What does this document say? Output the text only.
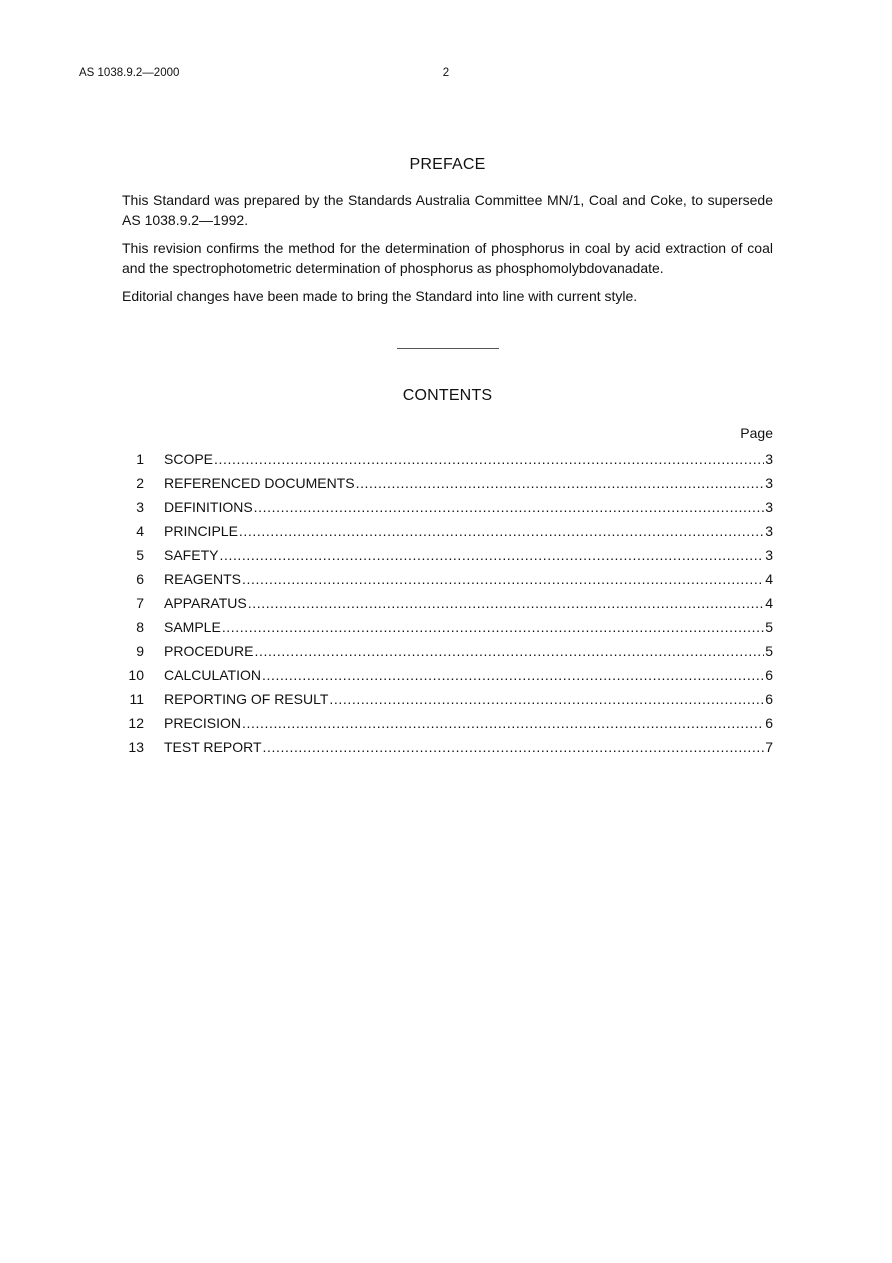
AS 1038.9.2—2000	2
PREFACE

This Standard was prepared by the Standards Australia Committee MN/1, Coal and Coke, to supersede AS 1038.9.2—1992.

This revision confirms the method for the determination of phosphorus in coal by acid extraction of coal and the spectrophotometric determination of phosphorus as phosphomolybdovanadate.

Editorial changes have been made to bring the Standard into line with current style.

CONTENTS
Page
1 SCOPE .....	3
2 REFERENCED DOCUMENTS .....	3
3 DEFINITIONS .....	3
4 PRINCIPLE .....	3
5 SAFETY .....	3
6 REAGENTS .....	4
7 APPARATUS .....	4
8 SAMPLE .....	5
9 PROCEDURE .....	5
10 CALCULATION .....	6
11 REPORTING OF RESULT .....	6
12 PRECISION .....	6
13 TEST REPORT .....	7
